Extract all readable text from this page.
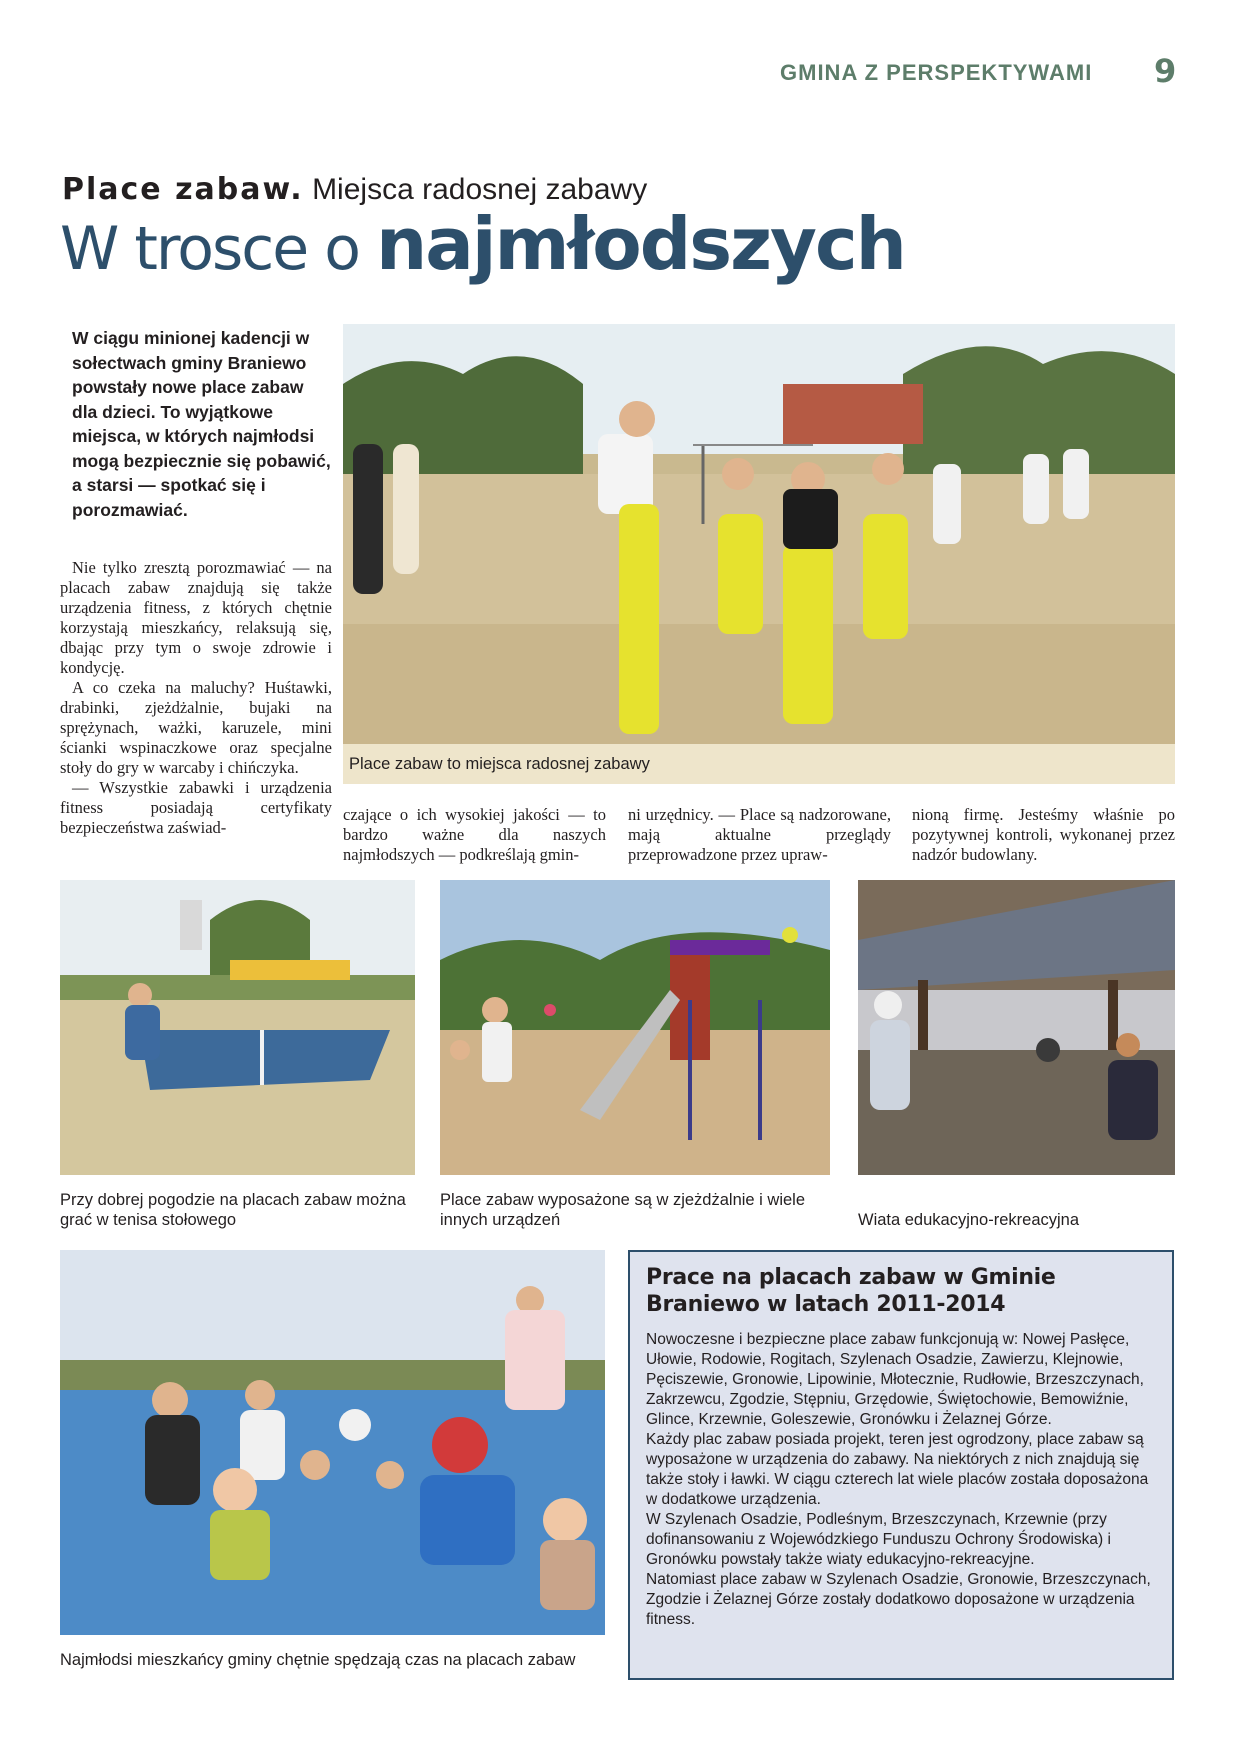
GMINA Z PERSPEKTYWAMI 9
Place zabaw. Miejsca radosnej zabawy
W trosce o najmłodszych
W ciągu minionej kadencji w sołectwach gminy Braniewo powstały nowe place zabaw dla dzieci. To wyjątkowe miejsca, w których najmłodsi mogą bezpiecznie się pobawić, a starsi — spotkać się i porozmawiać.

Nie tylko zresztą porozmawiać — na placach zabaw znajdują się także urządzenia fitness, z których chętnie korzystają mieszkańcy, relaksują się, dbając przy tym o swoje zdrowie i kondycję.

A co czeka na maluchy? Huśtawki, drabinki, zjeżdżalnie, bujaki na sprężynach, ważki, karuzele, mini ścianki wspinaczkowe oraz specjalne stoły do gry w warcaby i chińczyka.

— Wszystkie zabawki i urządzenia fitness posiadają certyfikaty bezpieczeństwa zaświad-

czające o ich wysokiej jakości — to bardzo ważne dla naszych najmłodszych — podkreślają gmin-

ni urzędnicy. — Place są nadzorowane, mają aktualne przeglądy przeprowadzone przez upraw-

nioną firmę. Jesteśmy właśnie po pozytywnej kontroli, wykonanej przez nadzór budowlany.

Place zabaw to miejsca radosnej zabawy
Przy dobrej pogodzie na placach zabaw można grać w tenisa stołowego
Place zabaw wyposażone są w zjeżdżalnie i wiele innych urządzeń	Wiata edukacyjno-rekreacyjna
Najmłodsi mieszkańcy gminy chętnie spędzają czas na placach zabaw
Prace na placach zabaw w Gminie Braniewo w latach 2011-2014

Nowoczesne i bezpieczne place zabaw funkcjonują w: Nowej Pasłęce, Ułowie, Rodowie, Rogitach, Szylenach Osadzie, Zawierzu, Klejnowie, Pęciszewie, Gronowie, Lipowinie, Młotecznie, Rudłowie, Brzeszczynach, Zakrzewcu, Zgodzie, Stępniu, Grzędowie, Świętochowie, Bemowiźnie, Glince, Krzewnie, Goleszewie, Gronówku i Żelaznej Górze.

Każdy plac zabaw posiada projekt, teren jest ogrodzony, place zabaw są wyposażone w urządzenia do zabawy. Na niektórych z nich znajdują się także stoły i ławki. W ciągu czterech lat wiele placów została doposażona w dodatkowe urządzenia.

W Szylenach Osadzie, Podleśnym, Brzeszczynach, Krzewnie (przy dofinansowaniu z Wojewódzkiego Funduszu Ochrony Środowiska) i Gronówku powstały także wiaty edukacyjno-rekreacyjne.

Natomiast place zabaw w Szylenach Osadzie, Gronowie, Brzeszczynach, Zgodzie i Żelaznej Górze zostały dodatkowo doposażone w urządzenia fitness.
